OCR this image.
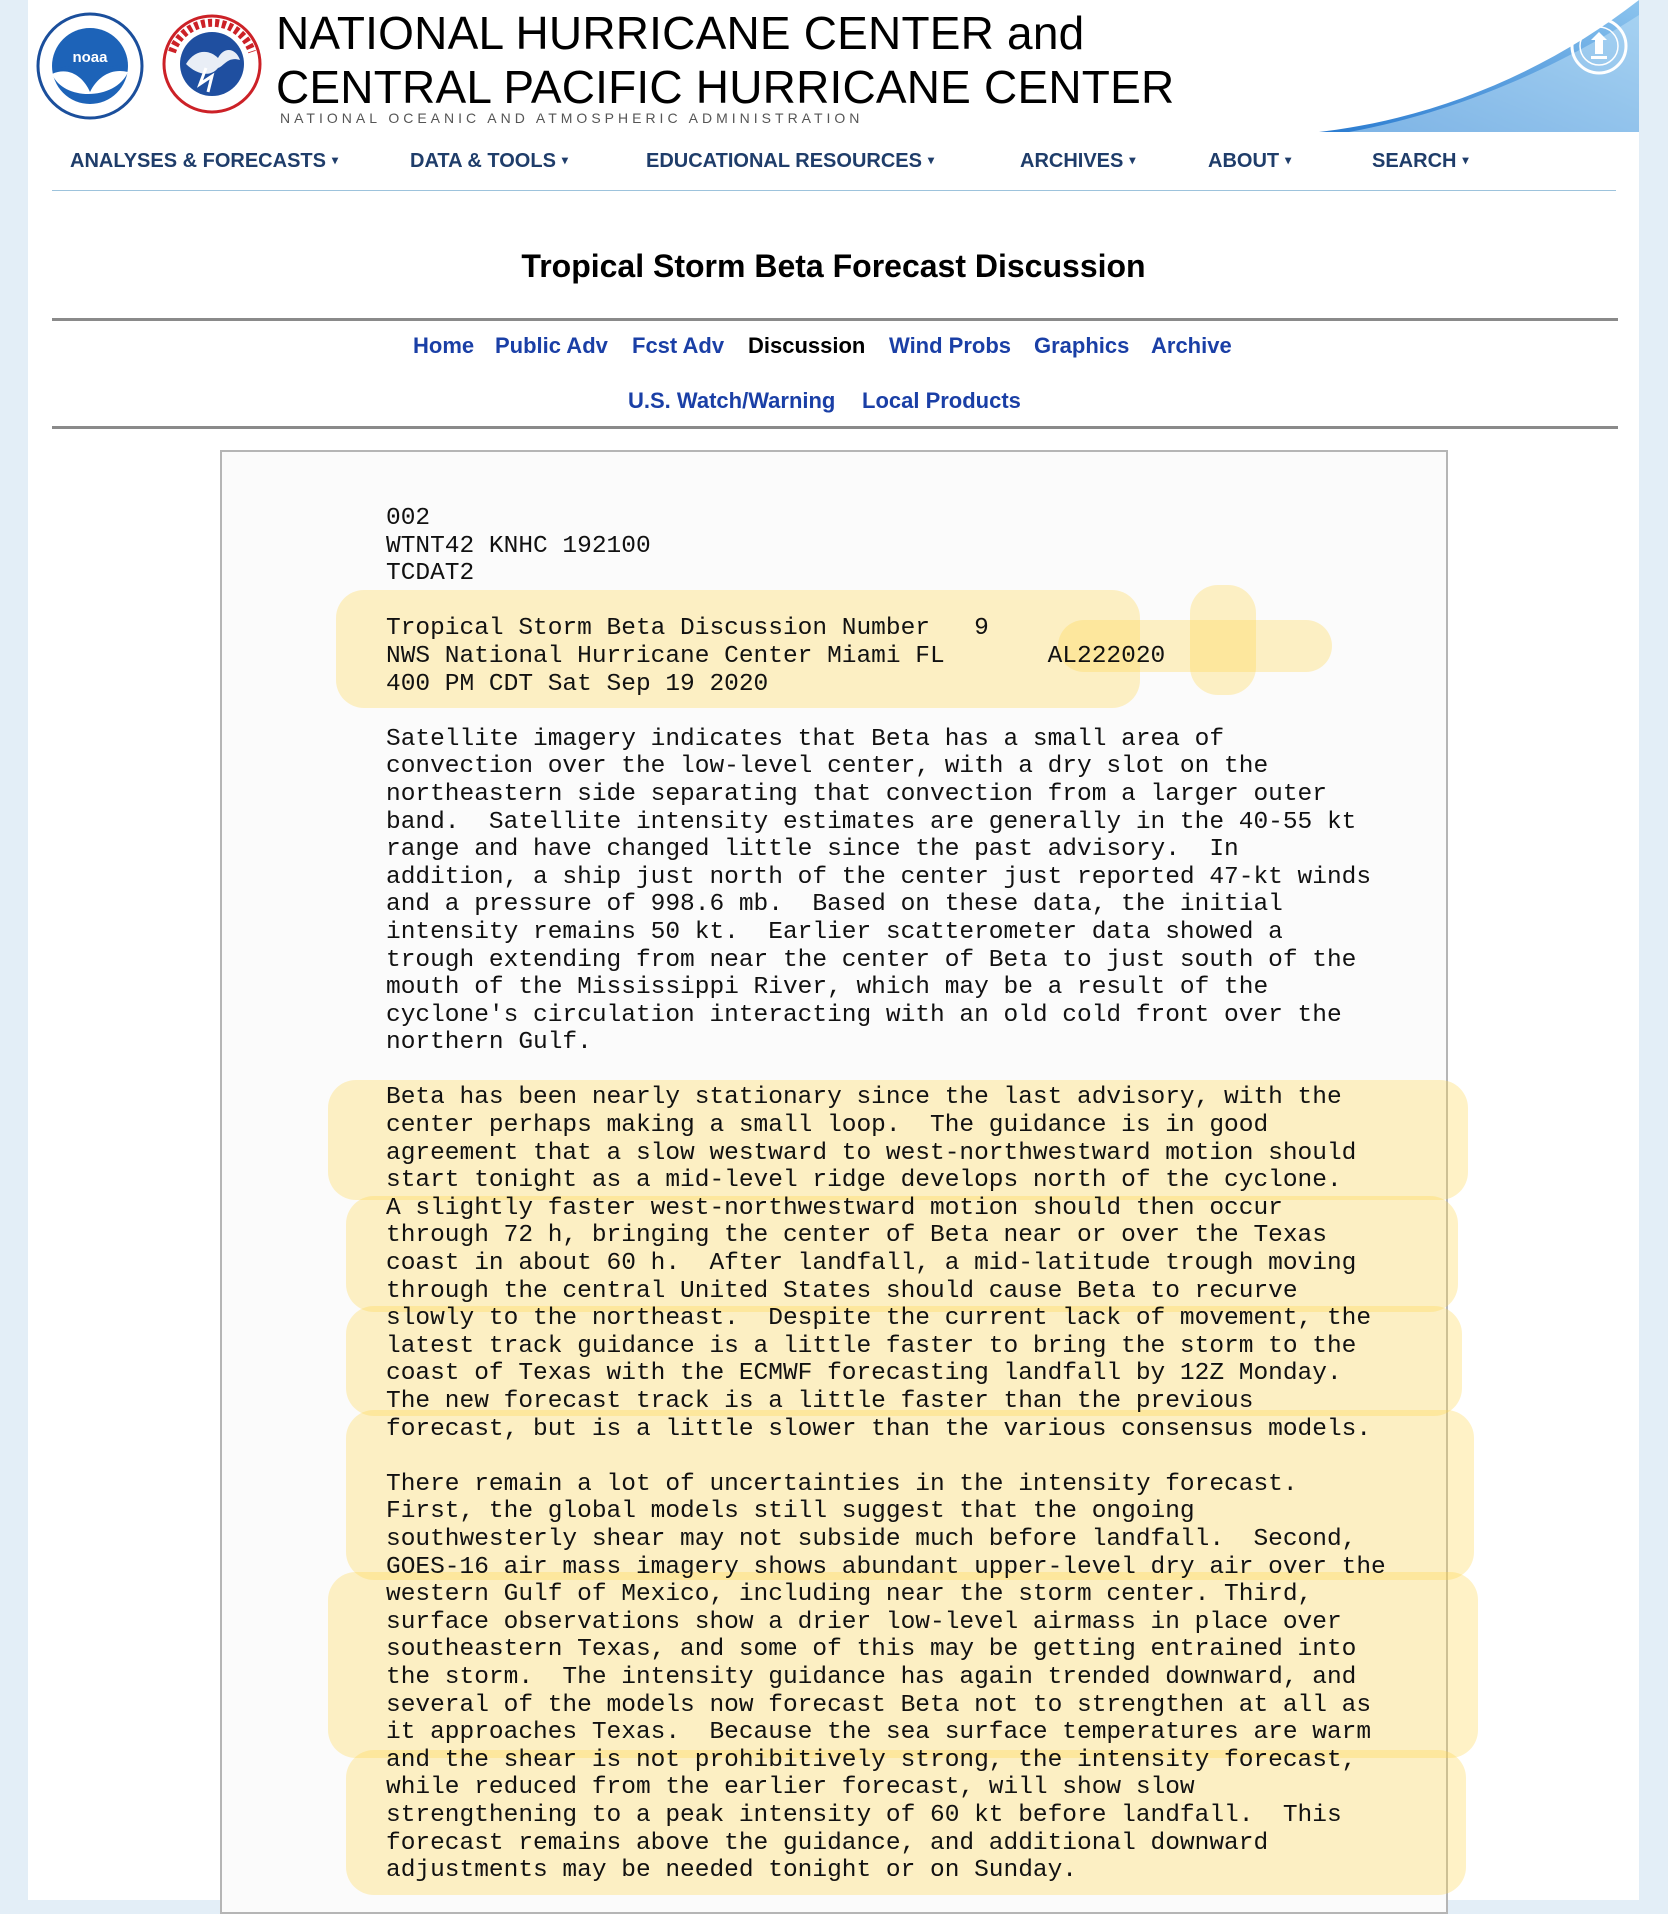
noaa	NATIONAL HURRICANE CENTER and
CENTRAL PACIFIC HURRICANE CENTER
NATIONAL OCEANIC AND ATMOSPHERIC ADMINISTRATION
ANALYSES & FORECASTS ▾	DATA & TOOLS ▾	EDUCATIONAL RESOURCES ▾	ARCHIVES ▾	ABOUT ▾	SEARCH ▾
Tropical Storm Beta Forecast Discussion
Home Public Adv Fcst Adv Discussion Wind Probs Graphics Archive
U.S. Watch/Warning Local Products
002
WTNT42 KNHC 192100
TCDAT2

Tropical Storm Beta Discussion Number   9
NWS National Hurricane Center Miami FL       AL222020
400 PM CDT Sat Sep 19 2020

Satellite imagery indicates that Beta has a small area of
convection over the low-level center, with a dry slot on the
northeastern side separating that convection from a larger outer
band.  Satellite intensity estimates are generally in the 40-55 kt
range and have changed little since the past advisory.  In
addition, a ship just north of the center just reported 47-kt winds
and a pressure of 998.6 mb.  Based on these data, the initial
intensity remains 50 kt.  Earlier scatterometer data showed a
trough extending from near the center of Beta to just south of the
mouth of the Mississippi River, which may be a result of the
cyclone's circulation interacting with an old cold front over the
northern Gulf.

Beta has been nearly stationary since the last advisory, with the
center perhaps making a small loop.  The guidance is in good
agreement that a slow westward to west-northwestward motion should
start tonight as a mid-level ridge develops north of the cyclone.
A slightly faster west-northwestward motion should then occur
through 72 h, bringing the center of Beta near or over the Texas
coast in about 60 h.  After landfall, a mid-latitude trough moving
through the central United States should cause Beta to recurve
slowly to the northeast.  Despite the current lack of movement, the
latest track guidance is a little faster to bring the storm to the
coast of Texas with the ECMWF forecasting landfall by 12Z Monday.
The new forecast track is a little faster than the previous
forecast, but is a little slower than the various consensus models.

There remain a lot of uncertainties in the intensity forecast.
First, the global models still suggest that the ongoing
southwesterly shear may not subside much before landfall.  Second,
GOES-16 air mass imagery shows abundant upper-level dry air over the
western Gulf of Mexico, including near the storm center. Third,
surface observations show a drier low-level airmass in place over
southeastern Texas, and some of this may be getting entrained into
the storm.  The intensity guidance has again trended downward, and
several of the models now forecast Beta not to strengthen at all as
it approaches Texas.  Because the sea surface temperatures are warm
and the shear is not prohibitively strong, the intensity forecast,
while reduced from the earlier forecast, will show slow
strengthening to a peak intensity of 60 kt before landfall.  This
forecast remains above the guidance, and additional downward
adjustments may be needed tonight or on Sunday.
